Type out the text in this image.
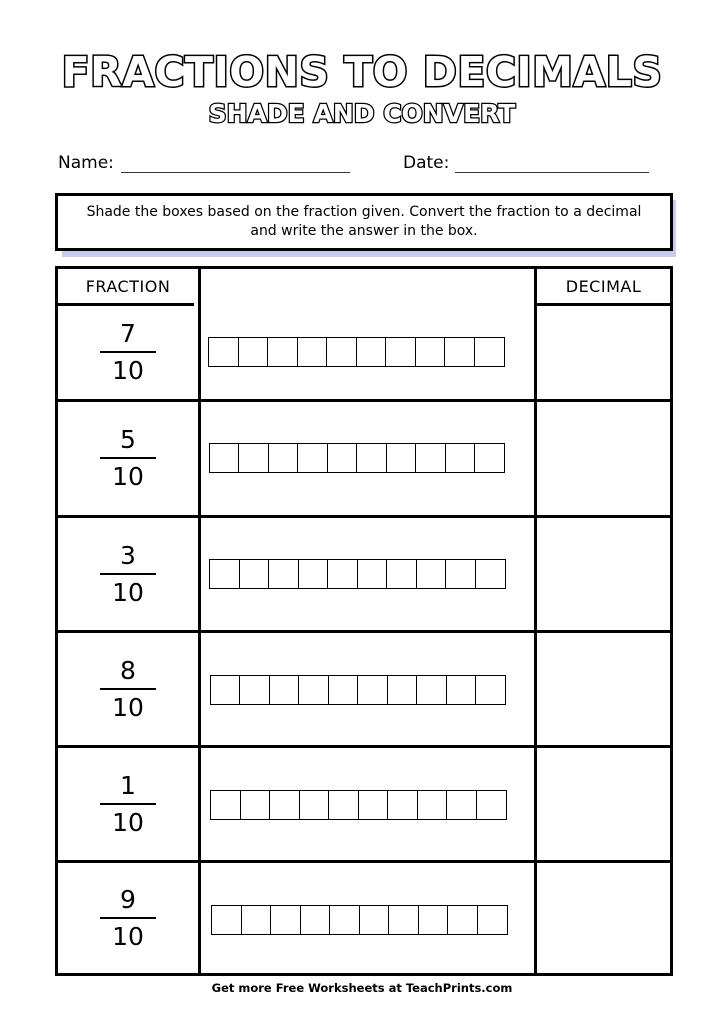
FRACTIONS TO DECIMALS
SHADE AND CONVERT
Name:	Date:
Shade the boxes based on the fraction given. Convert the fraction to a decimal and write the answer in the box.
FRACTION	DECIMAL
7
10
5
10
3
10
8
10
1
10
9
10
Get more Free Worksheets at TeachPrints.com
